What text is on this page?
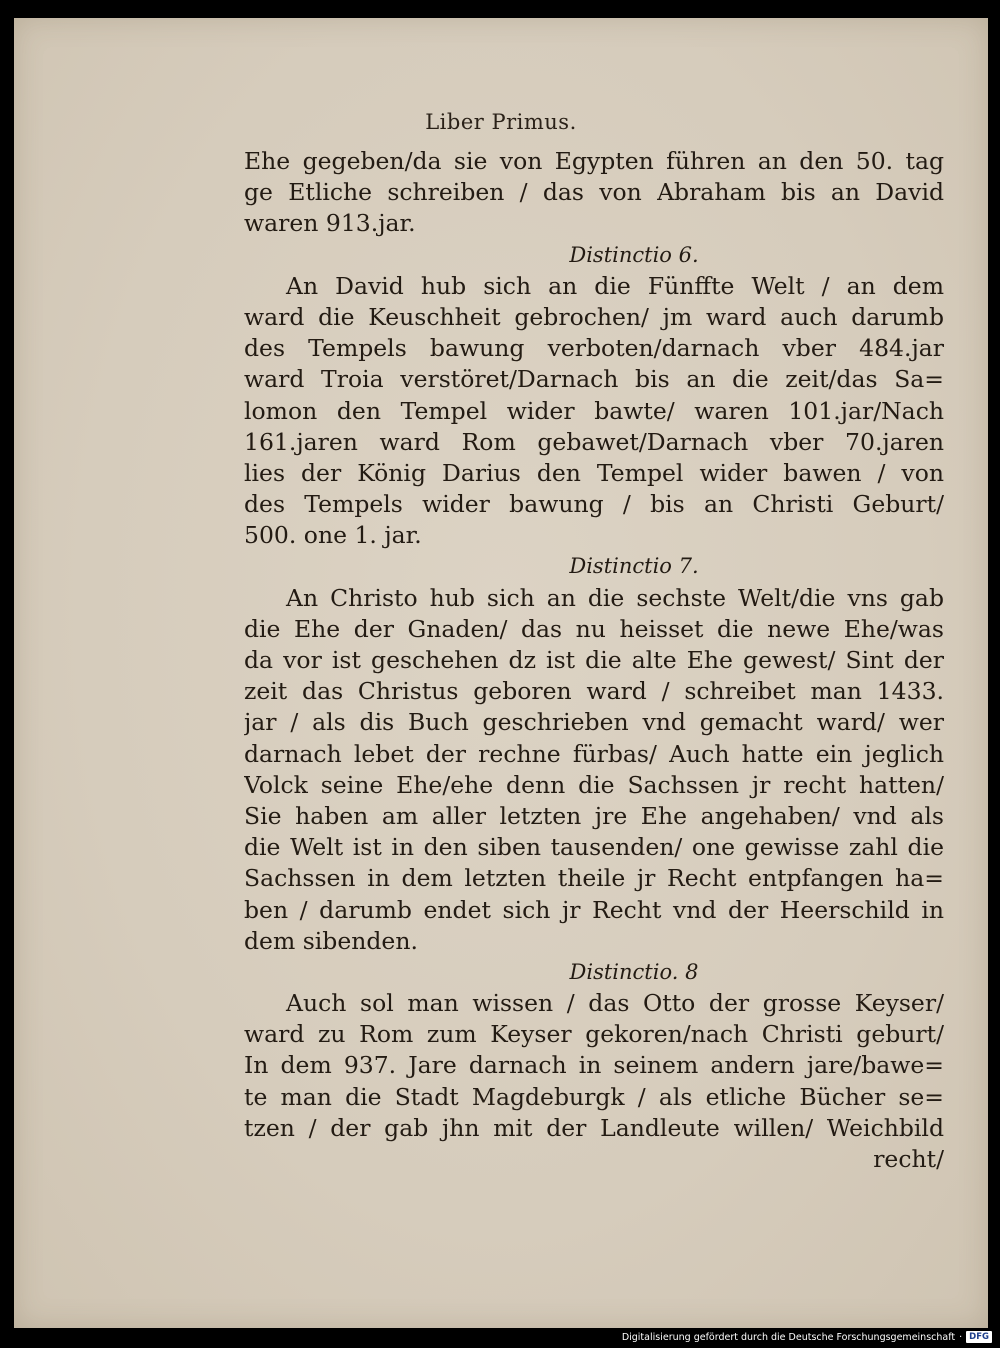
Liber Primus.
Ehe gegeben/da sie von Egypten führen an den 50. tag
ge Etliche schreiben / das von Abraham bis an David
waren 913.jar.
Distinctio 6.
An David hub sich an die Fünffte Welt / an dem
ward die Keuschheit gebrochen/ jm ward auch darumb
des Tempels bawung verboten/darnach vber 484.jar
ward Troia verstöret/Darnach bis an die zeit/das Sa=
lomon den Tempel wider bawte/ waren 101.jar/Nach
161.jaren ward Rom gebawet/Darnach vber 70.jaren
lies der König Darius den Tempel wider bawen / von
des Tempels wider bawung / bis an Christi Geburt/
500. one 1. jar.
Distinctio 7.
An Christo hub sich an die sechste Welt/die vns gab
die Ehe der Gnaden/ das nu heisset die newe Ehe/was
da vor ist geschehen dz ist die alte Ehe gewest/ Sint der
zeit das Christus geboren ward / schreibet man 1433.
jar / als dis Buch geschrieben vnd gemacht ward/ wer
darnach lebet der rechne fürbas/ Auch hatte ein jeglich
Volck seine Ehe/ehe denn die Sachssen jr recht hatten/
Sie haben am aller letzten jre Ehe angehaben/ vnd als
die Welt ist in den siben tausenden/ one gewisse zahl die
Sachssen in dem letzten theile jr Recht entpfangen ha=
ben / darumb endet sich jr Recht vnd der Heerschild in
dem sibenden.
Distinctio. 8
Auch sol man wissen / das Otto der grosse Keyser/
ward zu Rom zum Keyser gekoren/nach Christi geburt/
In dem 937. Jare darnach in seinem andern jare/bawe=
te man die Stadt Magdeburgk / als etliche Bücher se=
tzen / der gab jhn mit der Landleute willen/ Weichbild
recht/
Digitalisierung gefördert durch die Deutsche Forschungsgemeinschaft · DFG
